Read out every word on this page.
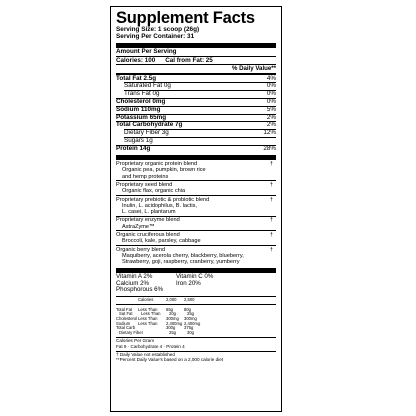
Supplement Facts
Serving Size: 1 scoop (26g)
Serving Per Container: 31
Amount Per Serving
Calories: 100 Cal from Fat: 25
% Daily Value**
Total Fat 2.5g	4%
Saturated Fat 0g	0%
Trans Fat 0g	0%
Cholesterol 0mg	0%
Sodium 110mg	5%
Potassium 65mg	2%
Total Carbohydrate 7g	2%
Dietary Fiber 3g	12%
Sugars 1g
Protein 14g	28%
Proprietary organic protein blend	†
Organic pea, pumpkin, brown rice
and hemp proteins
Proprietary seed blend	†
Organic flax, organic chia
Proprietary prebiotic & probiotic blend	†
Inulin, L. acidophilus, B. lactis,
L. casei, L. plantarum
Proprietary enzyme blend	†
AstraZyme™
Organic cruciferous blend	†
Broccoli, kale, parsley, cabbage
Organic berry blend	†
Maquiberry, acerola cherry, blackberry, blueberry,
Strawberry, goji, raspberry, cranberry, yumberry
Vitamin A 2%	Vitamin C 0%
Calcium 2%	Iron 20%
Phosphorous 6%
Calories	2,000	2,500
Total Fat	Less Than	65g	80g
Sat Fat	Less Than	20g	25g
Cholesterol Less Than	300mg	300mg
Sodium	Less Than	2,400mg 2,400mg
Total Carb	300g	375g
Dietary Fiber	25g	30g
Calories Per Gram
Fat 9 · Carbohydrate 4 · Protein 4
† Daily Value not established
**Percent Daily Value's based on a 2,000 calorie diet
